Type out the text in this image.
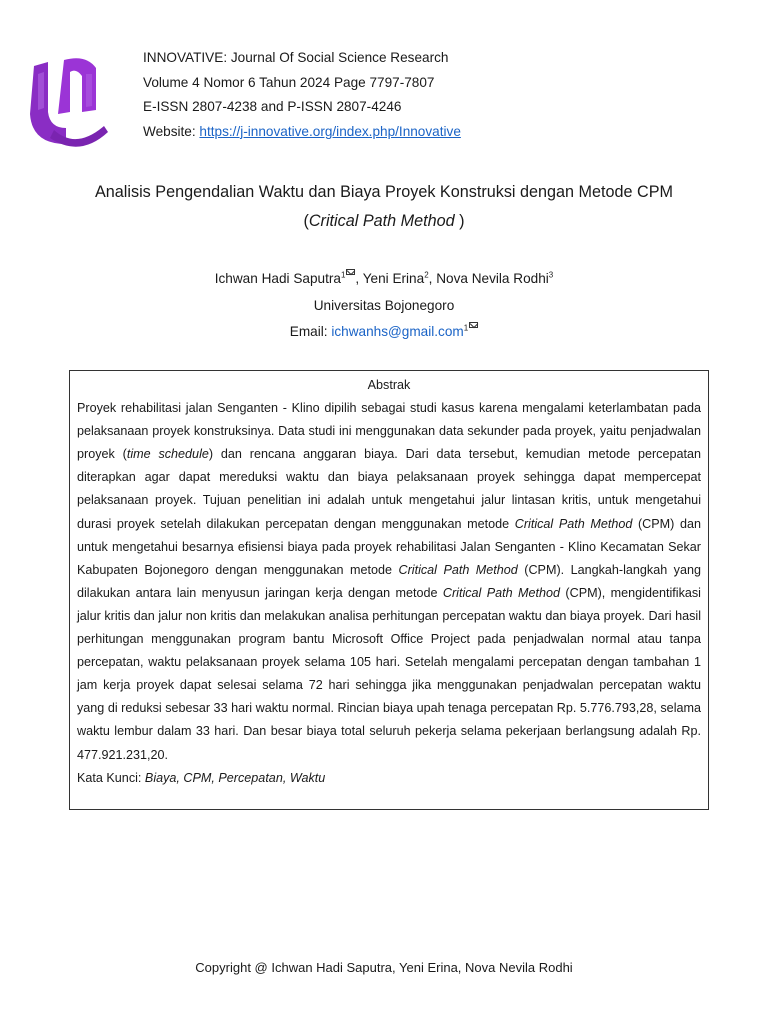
INNOVATIVE: Journal Of Social Science Research
Volume 4 Nomor 6 Tahun 2024 Page 7797-7807
E-ISSN 2807-4238 and P-ISSN 2807-4246
Website: https://j-innovative.org/index.php/Innovative
Analisis Pengendalian Waktu dan Biaya Proyek Konstruksi dengan Metode CPM
(Critical Path Method )
Ichwan Hadi Saputra$^1$ , Yeni Erina$^2$, Nova Nevila Rodhi$^3$
Universitas Bojonegoro
Email: ichwanhs@gmail.com$^1$
Abstrak
Proyek rehabilitasi jalan Senganten - Klino dipilih sebagai studi kasus karena mengalami keterlambatan pada pelaksanaan proyek konstruksinya. Data studi ini menggunakan data sekunder pada proyek, yaitu penjadwalan proyek (time schedule) dan rencana anggaran biaya. Dari data tersebut, kemudian metode percepatan diterapkan agar dapat mereduksi waktu dan biaya pelaksanaan proyek sehingga dapat mempercepat pelaksanaan proyek. Tujuan penelitian ini adalah untuk mengetahui jalur lintasan kritis, untuk mengetahui durasi proyek setelah dilakukan percepatan dengan menggunakan metode Critical Path Method (CPM) dan untuk mengetahui besarnya efisiensi biaya pada proyek rehabilitasi Jalan Senganten - Klino Kecamatan Sekar Kabupaten Bojonegoro dengan menggunakan metode Critical Path Method (CPM). Langkah-langkah yang dilakukan antara lain menyusun jaringan kerja dengan metode Critical Path Method (CPM), mengidentifikasi jalur kritis dan jalur non kritis dan melakukan analisa perhitungan percepatan waktu dan biaya proyek. Dari hasil perhitungan menggunakan program bantu Microsoft Office Project pada penjadwalan normal atau tanpa percepatan, waktu pelaksanaan proyek selama 105 hari. Setelah mengalami percepatan dengan tambahan 1 jam kerja proyek dapat selesai selama 72 hari sehingga jika menggunakan penjadwalan percepatan waktu yang di reduksi sebesar 33 hari waktu normal. Rincian biaya upah tenaga percepatan Rp. 5.776.793,28, selama waktu lembur dalam 33 hari. Dan besar biaya total seluruh pekerja selama pekerjaan berlangsung adalah Rp. 477.921.231,20.
Kata Kunci: Biaya, CPM, Percepatan, Waktu
Copyright @ Ichwan Hadi Saputra, Yeni Erina, Nova Nevila Rodhi
